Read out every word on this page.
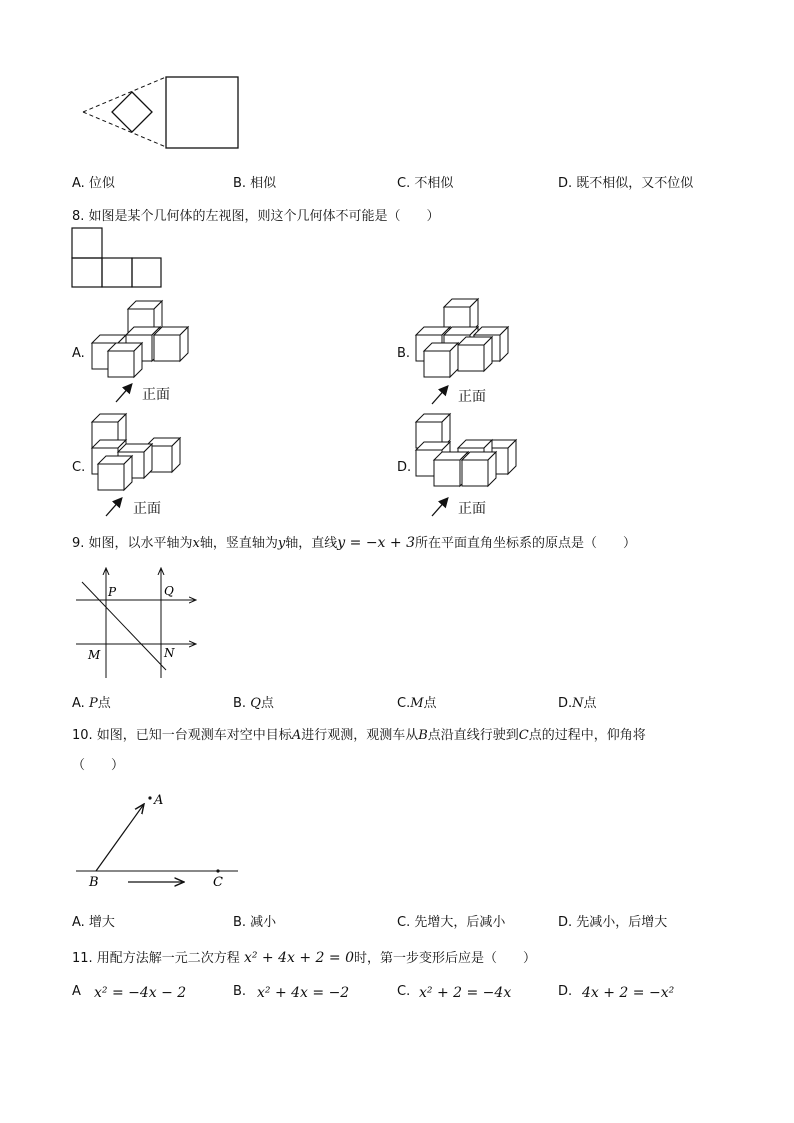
A. 位似	B. 相似	C. 不相似	D. 既不相似，又不位似
8. 如图是某个几何体的左视图，则这个几何体不可能是（　　）
A.
正面
B.
正面
C.
正面
D.
正面
9. 如图，以水平轴为x轴，竖直轴为y轴，直线y = −x + 3所在平面直角坐标系的原点是（　　）
P	Q
M	N
A. P点	B. Q点	C.M点	D.N点
10. 如图，已知一台观测车对空中目标A进行观测，观测车从B点沿直线行驶到C点的过程中，仰角将
（　　）
A
B	C
A. 增大	B. 减小	C. 先增大，后减小	D. 先减小，后增大
11. 用配方法解一元二次方程 x² + 4x + 2 = 0时，第一步变形后应是（　　）
A x² = −4x − 2	B. x² + 4x = −2	C. x² + 2 = −4x	D. 4x + 2 = −x²
